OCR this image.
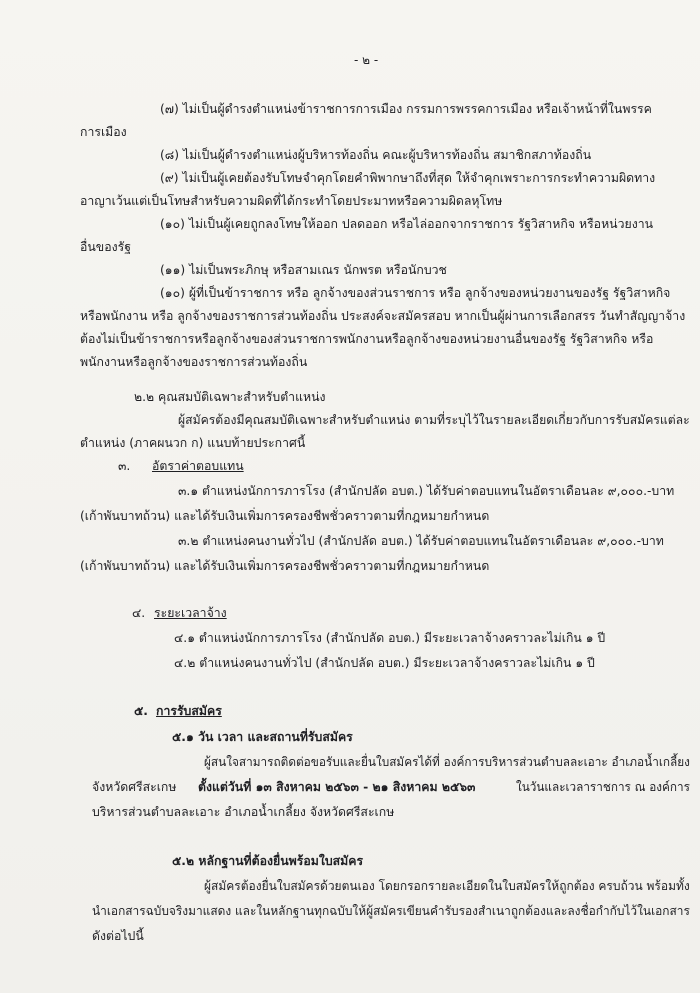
- ๒ -
(๗) ไม่เป็นผู้ดำรงตำแหน่งข้าราชการการเมือง กรรมการพรรคการเมือง หรือเจ้าหน้าที่ในพรรค
การเมือง
(๘) ไม่เป็นผู้ดำรงตำแหน่งผู้บริหารท้องถิ่น คณะผู้บริหารท้องถิ่น สมาชิกสภาท้องถิ่น
(๙) ไม่เป็นผู้เคยต้องรับโทษจำคุกโดยคำพิพากษาถึงที่สุด ให้จำคุกเพราะการกระทำความผิดทาง
อาญาเว้นแต่เป็นโทษสำหรับความผิดที่ได้กระทำโดยประมาทหรือความผิดลหุโทษ
(๑๐) ไม่เป็นผู้เคยถูกลงโทษให้ออก ปลดออก หรือไล่ออกจากราชการ รัฐวิสาหกิจ หรือหน่วยงาน
อื่นของรัฐ
(๑๑) ไม่เป็นพระภิกษุ หรือสามเณร นักพรต หรือนักบวช
(๑๐) ผู้ที่เป็นข้าราชการ หรือ ลูกจ้างของส่วนราชการ หรือ ลูกจ้างของหน่วยงานของรัฐ รัฐวิสาหกิจ
หรือพนักงาน หรือ ลูกจ้างของราชการส่วนท้องถิ่น ประสงค์จะสมัครสอบ หากเป็นผู้ผ่านการเลือกสรร วันทำสัญญาจ้าง
ต้องไม่เป็นข้าราชการหรือลูกจ้างของส่วนราชการพนักงานหรือลูกจ้างของหน่วยงานอื่นของรัฐ รัฐวิสาหกิจ หรือ
พนักงานหรือลูกจ้างของราชการส่วนท้องถิ่น
๒.๒ คุณสมบัติเฉพาะสำหรับตำแหน่ง
ผู้สมัครต้องมีคุณสมบัติเฉพาะสำหรับตำแหน่ง ตามที่ระบุไว้ในรายละเอียดเกี่ยวกับการรับสมัครแต่ละ
ตำแหน่ง (ภาคผนวก ก) แนบท้ายประกาศนี้
๓. อัตราค่าตอบแทน
๓.๑ ตำแหน่งนักการภารโรง (สำนักปลัด อบต.) ได้รับค่าตอบแทนในอัตราเดือนละ ๙,๐๐๐.-บาท
(เก้าพันบาทถ้วน) และได้รับเงินเพิ่มการครองชีพชั่วคราวตามที่กฎหมายกำหนด
๓.๒ ตำแหน่งคนงานทั่วไป (สำนักปลัด อบต.) ได้รับค่าตอบแทนในอัตราเดือนละ ๙,๐๐๐.-บาท
(เก้าพันบาทถ้วน) และได้รับเงินเพิ่มการครองชีพชั่วคราวตามที่กฎหมายกำหนด
๔. ระยะเวลาจ้าง
๔.๑ ตำแหน่งนักการภารโรง (สำนักปลัด อบต.) มีระยะเวลาจ้างคราวละไม่เกิน ๑ ปี
๔.๒ ตำแหน่งคนงานทั่วไป (สำนักปลัด อบต.) มีระยะเวลาจ้างคราวละไม่เกิน ๑ ปี
๕. การรับสมัคร
๕.๑ วัน เวลา และสถานที่รับสมัคร
ผู้สนใจสามารถติดต่อขอรับและยื่นใบสมัครได้ที่ องค์การบริหารส่วนตำบลละเอาะ อำเภอน้ำเกลี้ยง
จังหวัดศรีสะเกษ ตั้งแต่วันที่ ๑๓ สิงหาคม ๒๕๖๓ - ๒๑ สิงหาคม ๒๕๖๓	ในวันและเวลาราชการ ณ องค์การ
บริหารส่วนตำบลละเอาะ อำเภอน้ำเกลี้ยง จังหวัดศรีสะเกษ
๕.๒ หลักฐานที่ต้องยื่นพร้อมใบสมัคร
ผู้สมัครต้องยื่นใบสมัครด้วยตนเอง โดยกรอกรายละเอียดในใบสมัครให้ถูกต้อง ครบถ้วน พร้อมทั้ง
นำเอกสารฉบับจริงมาแสดง และในหลักฐานทุกฉบับให้ผู้สมัครเขียนคำรับรองสำเนาถูกต้องและลงชื่อกำกับไว้ในเอกสาร
ดังต่อไปนี้
